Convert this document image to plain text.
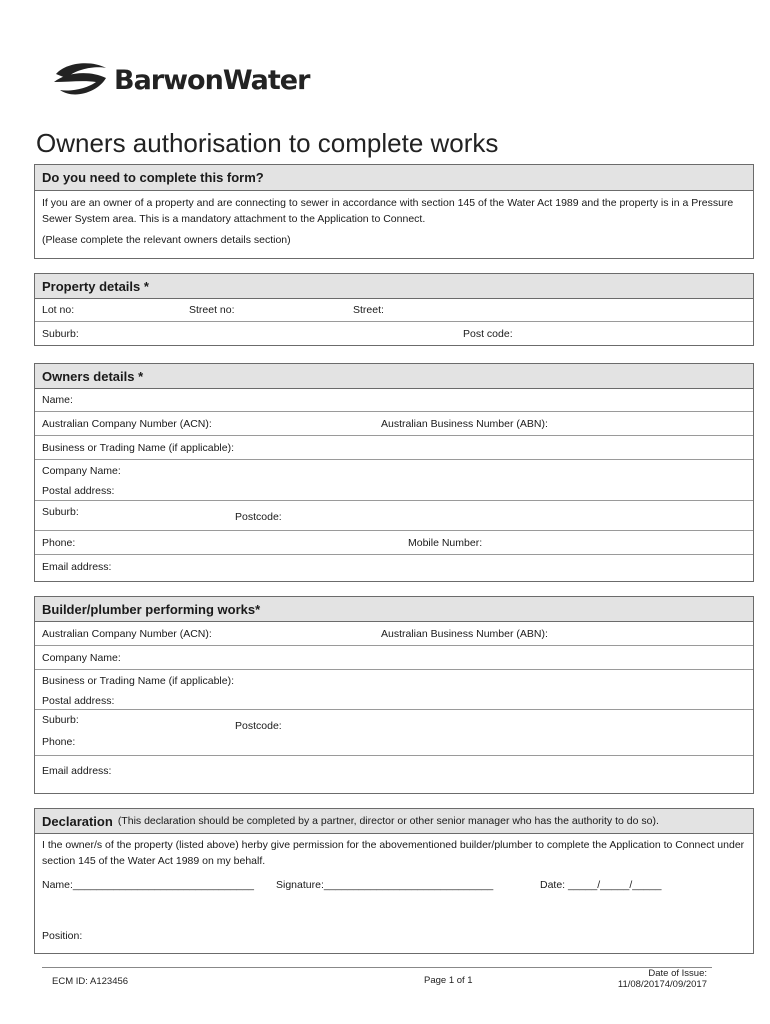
BarwonWater
Owners authorisation to complete works
Do you need to complete this form?
If you are an owner of a property and are connecting to sewer in accordance with section 145 of the Water Act 1989 and the property is in a Pressure Sewer System area. This is a mandatory attachment to the Application to Connect.
(Please complete the relevant owners details section)
Property details *
Lot no:	Street no:	Street:
Suburb:	Post code:
Owners details *
Name:
Australian Company Number (ACN):	Australian Business Number (ABN):
Business or Trading Name (if applicable):
Company Name:
Postal address:
Suburb:	Postcode:
Phone:	Mobile Number:
Email address:
Builder/plumber performing works*
Australian Company Number (ACN):	Australian Business Number (ABN):
Company Name:
Business or Trading Name (if applicable):
Postal address:
Suburb:	Postcode:
Phone:
Email address:
Declaration (This declaration should be completed by a partner, director or other senior manager who has the authority to do so).
I the owner/s of the property (listed above) herby give permission for the abovementioned builder/plumber to complete the Application to Connect under section 145 of the Water Act 1989 on my behalf.
Name:_______________________________ Signature:_____________________________	Date: _____/_____/_____
Position:
ECM ID: A123456	Page 1 of 1
Date of Issue:
11/08/20174/09/2017
